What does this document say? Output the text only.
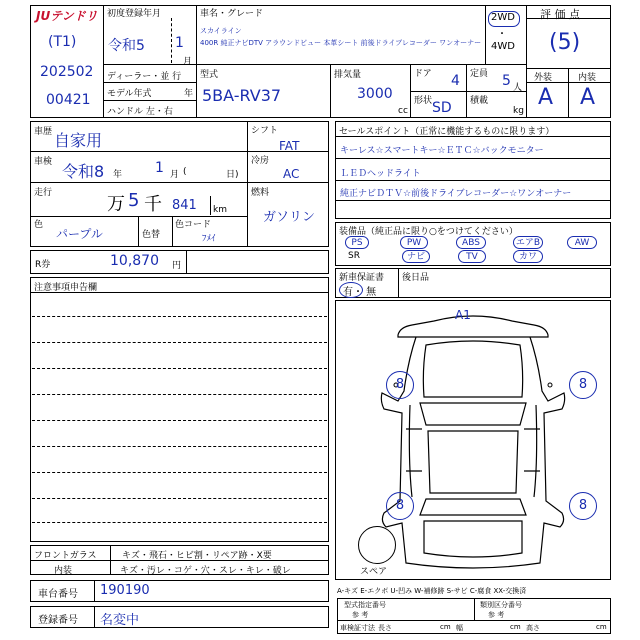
JUテンドリ
(T1)
202502
00421
初度登録年月
令和5 1
月
ディーラー・並 行
モデル年式	年
ハンドル 左・右
車名・グレード
スカイライン
400R 純正ナビDTV アラウンドビュー 本革シート 前後ドライブレコーダー ワンオーナー
2WD
・
4WD
型式
5BA-RV37
排気量
3000
cc
ドア 4 定員 5 人
形状 SD 積載
kg
評 価 点
(5)
外装	内装
A A
車歴 自家用	シフト
FAT
車検 令和8 年 1 月 (	日)
冷房
AC
走行
万 5 千 841 km
燃料
ガソリン
色
パープル	色替
色コード
ﾌﾒｲ
R券	10,870 円
注意事項申告欄
セールスポイント（正常に機能するものに限ります）
キーレス☆スマートキー☆ＥＴＣ☆バックモニター
ＬＥＤヘッドライト
純正ナビＤＴＶ☆前後ドライブレコーダー☆ワンオーナー
装備品（純正品に限り○をつけてください）
PS	PW	ABS	エアB	AW
SR	ナビ	TV	カワ
新車保証書
有・ 無
後日品
A1
8	8
8	8
スペア
フロントガラス	キズ・飛石・ヒビ割・リペア跡・X要
内装	キズ・汚レ・コゲ・穴・スレ・キレ・破レ
車台番号 190190
登録番号 名変中
A-キズ E-エクボ U-凹み W-補修跡 S-サビ C-腐食 XX-交換済
型式指定番号
参 考
類別区分番号
参 考
車検証寸法 長さ	cm 幅	cm 高さ	cm
